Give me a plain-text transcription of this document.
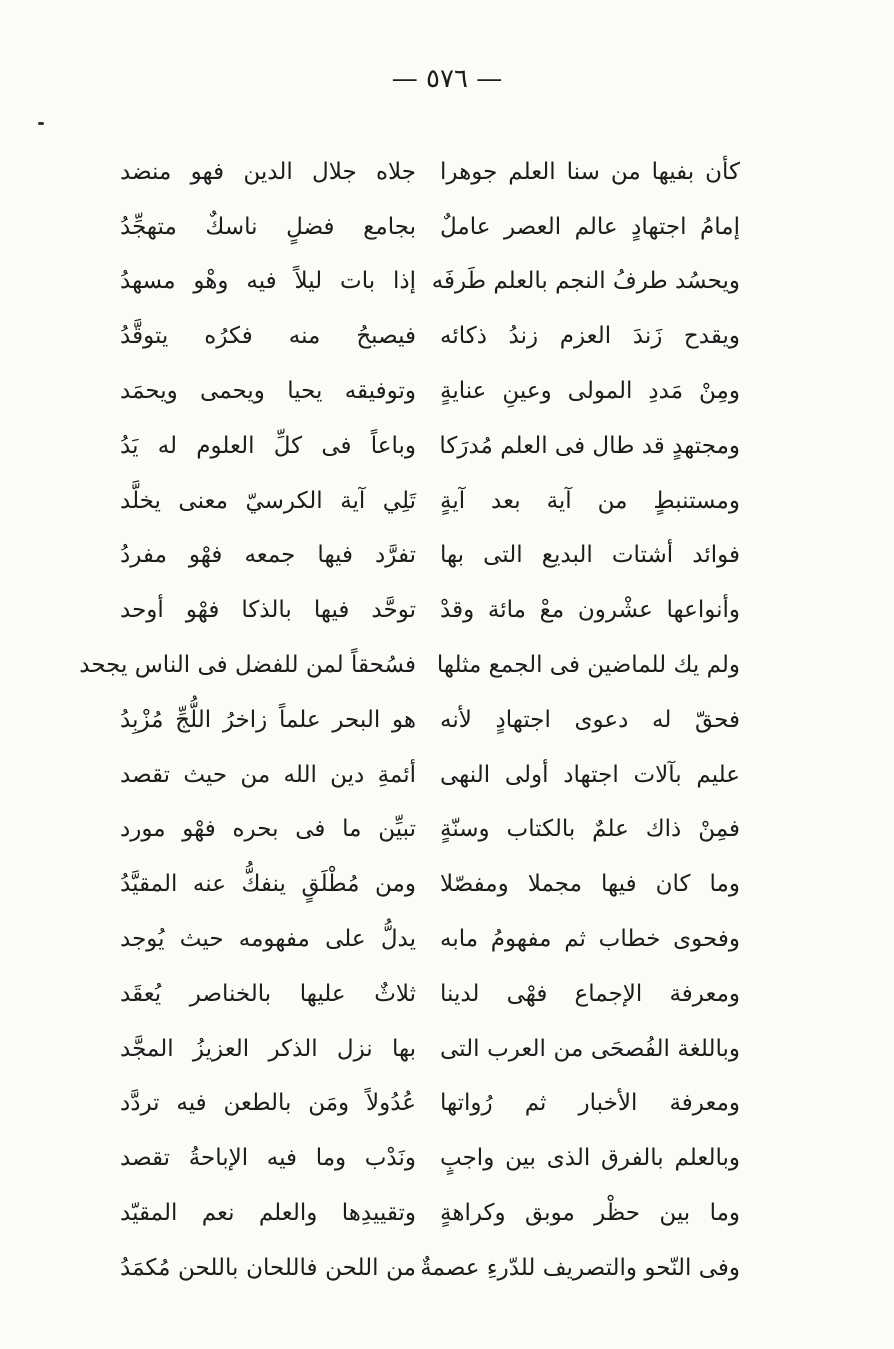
— ٥٧٦ —
كأن بفيها من سنا العلم جوهرا
جلاه جلال الدين فهو منضد
إمامُ اجتهادٍ عالم العصر عاملٌ
بجامع فضلٍ ناسكٌ متهجِّدُ
ويحسُد طرفُ النجم بالعلم طَرفَه
إذا بات ليلاً فيه وهْو مسهدُ
ويقدح زَندَ العزم زندُ ذكائه
فيصبحُ منه فكرُه يتوقَّدُ
ومِنْ مَددِ المولى وعينِ عنايةٍ
وتوفيقه يحيا ويحمى ويحمَد
ومجتهدٍ قد طال فى العلم مُدرَكا
وباعاً فى كلِّ العلوم له يَدُ
ومستنبطٍ من آية بعد آيةٍ
تَلِي آية الكرسيّ معنى يخلَّد
فوائد أشتات البديع التى بها
تفرَّد فيها جمعه فهْو مفردُ
وأنواعها عشْرون معْ مائة وقدْ
توحَّد فيها بالذكا فهْو أوحد
ولم يك للماضين فى الجمع مثلها
فسُحقاً لمن للفضل فى الناس يجحد
فحقّ له دعوى اجتهادٍ لأنه
هو البحر علماً زاخرُ اللُّجِّ مُزْبِدُ
عليم بآلات اجتهاد أولى النهى
أئمةِ دين الله من حيث تقصد
فمِنْ ذاك علمٌ بالكتاب وسنّةٍ
تبيِّن ما فى بحره فهْو مورد
وما كان فيها مجملا ومفصّلا
ومن مُطْلَقٍ ينفكُّ عنه المقيَّدُ
وفحوى خطاب ثم مفهومُ مابه
يدلُّ على مفهومه حيث يُوجد
ومعرفة الإجماع فهْى لدينا
ثلاثٌ عليها بالخناصر يُعقَد
وباللغة الفُصحَى من العرب التى
بها نزل الذكر العزيزُ المجَّد
ومعرفة الأخبار ثم رُواتها
عُدُولاً ومَن بالطعن فيه تردَّد
وبالعلم بالفرق الذى بين واجبٍ
ونَدْب وما فيه الإباحةُ تقصد
وما بين حظْر موبق وكراهةٍ
وتقييدِها والعلم نعم المقيّد
وفى النّحو والتصريف للدّرءِ عصمةٌ
من اللحن فاللحان باللحن مُكمَدُ
